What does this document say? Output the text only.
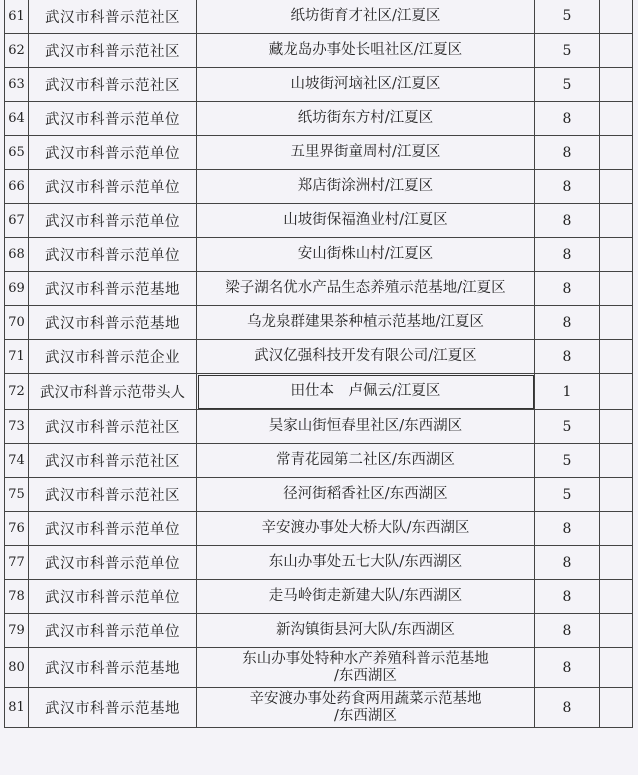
61	武汉市科普示范社区	纸坊街育才社区/江夏区	5	
62	武汉市科普示范社区	藏龙岛办事处长咀社区/江夏区	5	
63	武汉市科普示范社区	山坡街河垴社区/江夏区	5	
64	武汉市科普示范单位	纸坊街东方村/江夏区	8	
65	武汉市科普示范单位	五里界街童周村/江夏区	8	
66	武汉市科普示范单位	郑店街涂洲村/江夏区	8	
67	武汉市科普示范单位	山坡街保福渔业村/江夏区	8	
68	武汉市科普示范单位	安山街株山村/江夏区	8	
69	武汉市科普示范基地	梁子湖名优水产品生态养殖示范基地/江夏区	8	
70	武汉市科普示范基地	乌龙泉群建果茶种植示范基地/江夏区	8	
71	武汉市科普示范企业	武汉亿强科技开发有限公司/江夏区	8	
72	武汉市科普示范带头人	田仕本　卢佩云/江夏区	1	
73	武汉市科普示范社区	吴家山街恒春里社区/东西湖区	5	
74	武汉市科普示范社区	常青花园第二社区/东西湖区	5	
75	武汉市科普示范社区	径河街稻香社区/东西湖区	5	
76	武汉市科普示范单位	辛安渡办事处大桥大队/东西湖区	8	
77	武汉市科普示范单位	东山办事处五七大队/东西湖区	8	
78	武汉市科普示范单位	走马岭街走新建大队/东西湖区	8	
79	武汉市科普示范单位	新沟镇街县河大队/东西湖区	8	
80	武汉市科普示范基地	东山办事处特种水产养殖科普示范基地
/东西湖区	8	
81	武汉市科普示范基地	辛安渡办事处药食两用蔬菜示范基地
/东西湖区	8	
